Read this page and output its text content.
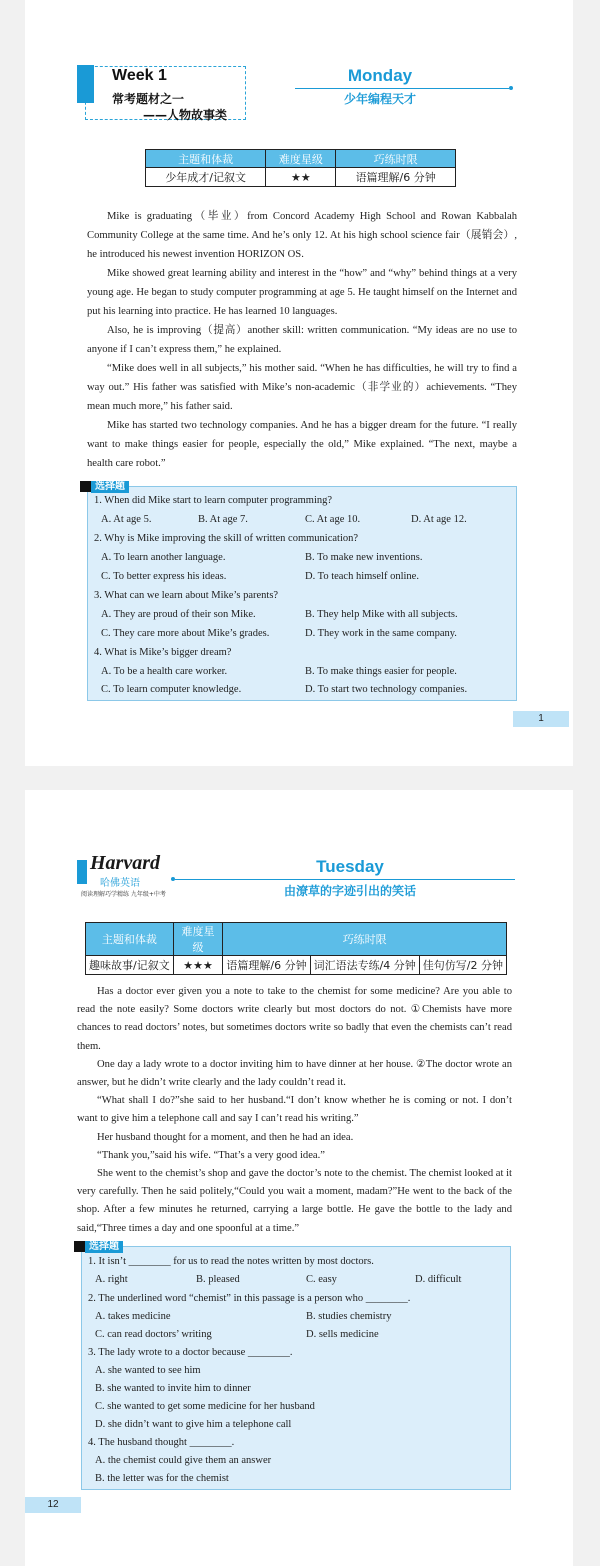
Week 1
常考题材之一
——人物故事类
Monday
少年编程天才
主题和体裁	难度星级	巧练时限
少年成才/记叙文	★★	语篇理解/6 分钟

Mike is graduating（毕业）from Concord Academy High School and Rowan Kabbalah Community College at the same time. And he’s only 12. At his high school science fair（展销会）, he introduced his newest invention HORIZON OS.

Mike showed great learning ability and interest in the “how” and “why” behind things at a very young age. He began to study computer programming at age 5. He taught himself on the Internet and put his learning into practice. He has learned 10 languages.

Also, he is improving（提高）another skill: written communication. “My ideas are no use to anyone if I can’t express them,” he explained.

“Mike does well in all subjects,” his mother said. “When he has difficulties, he will try to find a way out.” His father was satisfied with Mike’s non-academic（非学业的）achievements. “They mean much more,” his father said.

Mike has started two technology companies. And he has a bigger dream for the future. “I really want to make things easier for people, especially the old,” Mike explained. “The next, maybe a health care robot.”

选择题
1. When did Mike start to learn computer programming?
A. At age 5.	B. At age 7.	C. At age 10.	D. At age 12.
2. Why is Mike improving the skill of written communication?
A. To learn another language.	B. To make new inventions.
C. To better express his ideas.	D. To teach himself online.
3. What can we learn about Mike’s parents?
A. They are proud of their son Mike.	B. They help Mike with all subjects.
C. They care more about Mike’s grades.	D. They work in the same company.
4. What is Mike’s bigger dream?
A. To be a health care worker.	B. To make things easier for people.
C. To learn computer knowledge.	D. To start two technology companies.
1
Harvard
哈佛英语
阅读理解巧学精练 九年级+中考
Tuesday
由潦草的字迹引出的笑话
主题和体裁	难度星级	巧练时限		
趣味故事/记叙文	★★★	语篇理解/6 分钟	词汇语法专练/4 分钟	佳句仿写/2 分钟

Has a doctor ever given you a note to take to the chemist for some medicine? Are you able to read the note easily? Some doctors write clearly but most doctors do not. ①Chemists have more chances to read doctors’ notes, but sometimes doctors write so badly that even the chemists can’t read them.

One day a lady wrote to a doctor inviting him to have dinner at her house. ②The doctor wrote an answer, but he didn’t write clearly and the lady couldn’t read it.

“What shall I do?”she said to her husband.“I don’t know whether he is coming or not. I don’t want to give him a telephone call and say I can’t read his writing.”

Her husband thought for a moment, and then he had an idea.

“Thank you,”said his wife. “That’s a very good idea.”

She went to the chemist’s shop and gave the doctor’s note to the chemist. The chemist looked at it very carefully. Then he said politely,“Could you wait a moment, madam?”He went to the back of the shop. After a few minutes he returned, carrying a large bottle. He gave the bottle to the lady and said,“Three times a day and one spoonful at a time.”

选择题
1. It isn’t ________ for us to read the notes written by most doctors.
A. right	B. pleased	C. easy	D. difficult
2. The underlined word “chemist” in this passage is a person who ________.
A. takes medicine	B. studies chemistry
C. can read doctors’ writing	D. sells medicine
3. The lady wrote to a doctor because ________.
A. she wanted to see him
B. she wanted to invite him to dinner
C. she wanted to get some medicine for her husband
D. she didn’t want to give him a telephone call
4. The husband thought ________.
A. the chemist could give them an answer
B. the letter was for the chemist
12
